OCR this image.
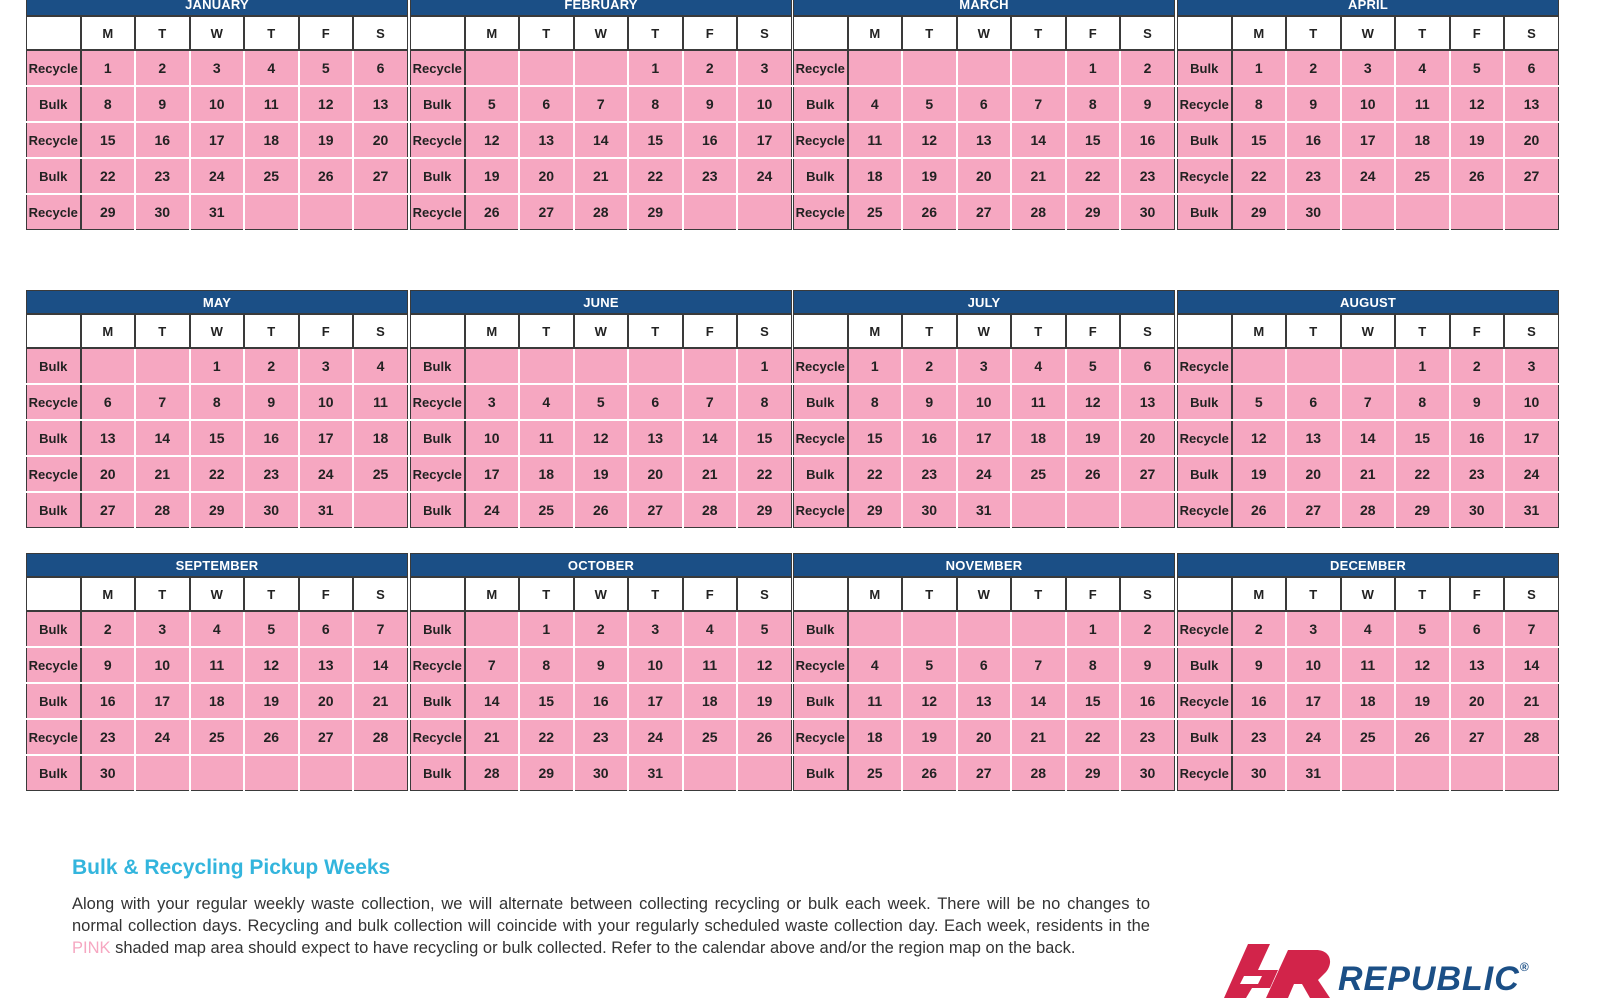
JANUARY						
	M	T	W	T	F	S
Recycle	1	2	3	4	5	6
Bulk	8	9	10	11	12	13
Recycle	15	16	17	18	19	20
Bulk	22	23	24	25	26	27
Recycle	29	30	31			
FEBRUARY						
	M	T	W	T	F	S
Recycle				1	2	3
Bulk	5	6	7	8	9	10
Recycle	12	13	14	15	16	17
Bulk	19	20	21	22	23	24
Recycle	26	27	28	29		
MARCH						
	M	T	W	T	F	S
Recycle					1	2
Bulk	4	5	6	7	8	9
Recycle	11	12	13	14	15	16
Bulk	18	19	20	21	22	23
Recycle	25	26	27	28	29	30
APRIL						
	M	T	W	T	F	S
Bulk	1	2	3	4	5	6
Recycle	8	9	10	11	12	13
Bulk	15	16	17	18	19	20
Recycle	22	23	24	25	26	27
Bulk	29	30				
MAY						
	M	T	W	T	F	S
Bulk			1	2	3	4
Recycle	6	7	8	9	10	11
Bulk	13	14	15	16	17	18
Recycle	20	21	22	23	24	25
Bulk	27	28	29	30	31	
JUNE						
	M	T	W	T	F	S
Bulk						1
Recycle	3	4	5	6	7	8
Bulk	10	11	12	13	14	15
Recycle	17	18	19	20	21	22
Bulk	24	25	26	27	28	29
JULY						
	M	T	W	T	F	S
Recycle	1	2	3	4	5	6
Bulk	8	9	10	11	12	13
Recycle	15	16	17	18	19	20
Bulk	22	23	24	25	26	27
Recycle	29	30	31			
AUGUST						
	M	T	W	T	F	S
Recycle				1	2	3
Bulk	5	6	7	8	9	10
Recycle	12	13	14	15	16	17
Bulk	19	20	21	22	23	24
Recycle	26	27	28	29	30	31
SEPTEMBER						
	M	T	W	T	F	S
Bulk	2	3	4	5	6	7
Recycle	9	10	11	12	13	14
Bulk	16	17	18	19	20	21
Recycle	23	24	25	26	27	28
Bulk	30					
OCTOBER						
	M	T	W	T	F	S
Bulk		1	2	3	4	5
Recycle	7	8	9	10	11	12
Bulk	14	15	16	17	18	19
Recycle	21	22	23	24	25	26
Bulk	28	29	30	31		
NOVEMBER						
	M	T	W	T	F	S
Bulk					1	2
Recycle	4	5	6	7	8	9
Bulk	11	12	13	14	15	16
Recycle	18	19	20	21	22	23
Bulk	25	26	27	28	29	30
DECEMBER						
	M	T	W	T	F	S
Recycle	2	3	4	5	6	7
Bulk	9	10	11	12	13	14
Recycle	16	17	18	19	20	21
Bulk	23	24	25	26	27	28
Recycle	30	31				
Bulk & Recycling Pickup Weeks

Along with your regular weekly waste collection, we will alternate between collecting recycling or bulk each week. There will be no changes to normal collection days. Recycling and bulk collection will coincide with your regularly scheduled waste collection day. Each week, residents in the PINK shaded map area should expect to have recycling or bulk collected. Refer to the calendar above and/or the region map on the back.

REPUBLIC®
